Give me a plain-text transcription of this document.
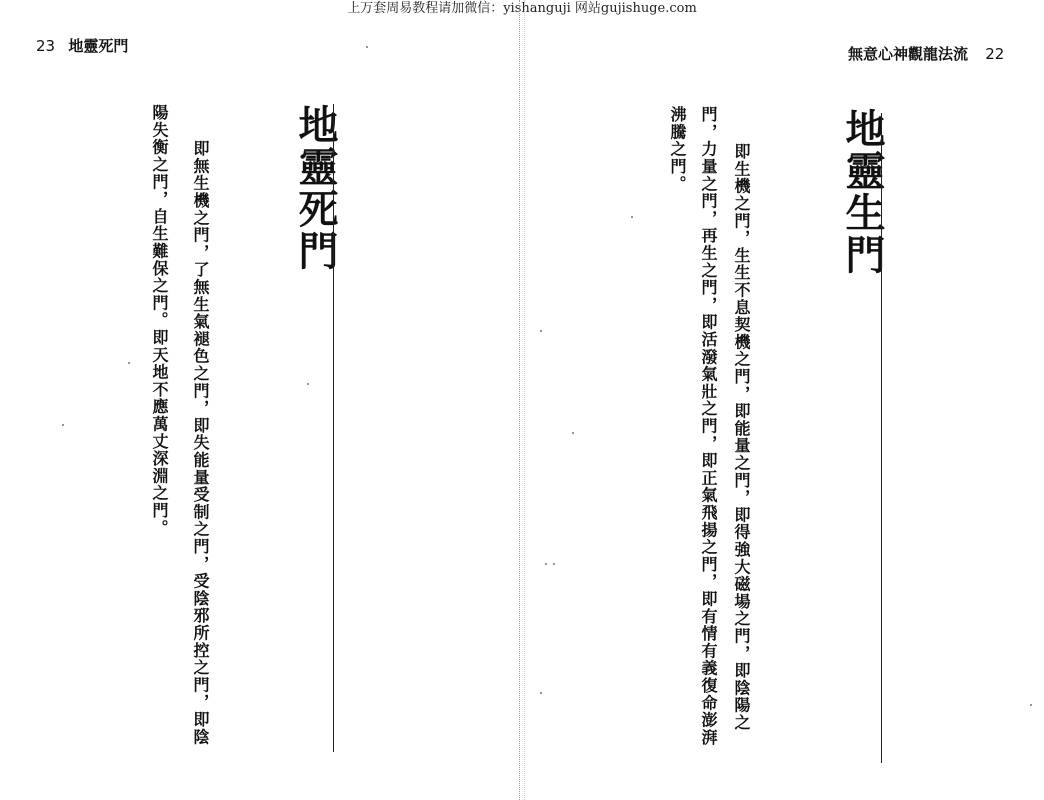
上万套周易教程请加微信：yishanguji 网站gujishuge.com
23 地靈死門
地靈死門
即無生機之門，了無生氣褪色之門，即失能量受制之門，受陰邪所控之門，即陰
陽失衡之門，自生難保之門。即天地不應萬丈深淵之門。
無意心神觀龍法流 22
地靈生門
即生機之門，生生不息契機之門，即能量之門，即得強大磁場之門，即陰陽之
門，力量之門，再生之門，即活潑氣壯之門，即正氣飛揚之門，即有情有義復命澎湃
沸騰之門。
